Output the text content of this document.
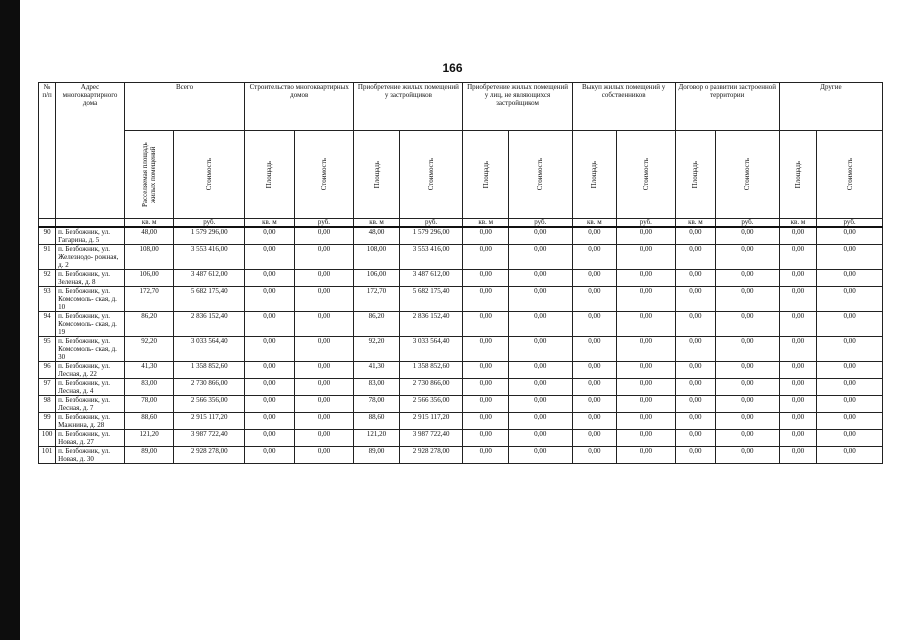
166
№ п/п	Адрес многоквартирного дома	Всего		Строительство многоквартирных домов		Приобретение жилых помещений у застройщиков		Приобретение жилых помещений у лиц, не являющихся застройщиком		Выкуп жилых помещений у собственников		Договор о развитии застроенной территории		Другие	

		Расселяемая площадь жилых помещений	Стоимость	Площадь	Стоимость	Площадь	Стоимость	Площадь	Стоимость	Площадь	Стоимость	Площадь	Стоимость	Площадь	Стоимость

		кв. м	руб.	кв. м	руб.	кв. м	руб.	кв. м	руб.	кв. м	руб.	кв. м	руб.	кв. м	руб.
90	п. Безбожник, ул. Гагарина, д. 5	48,00	1 579 296,00	0,00	0,00	48,00	1 579 296,00	0,00	0,00	0,00	0,00	0,00	0,00	0,00	0,00
91	п. Безбожник, ул. Железнодо- рожная, д. 2	108,00	3 553 416,00	0,00	0,00	108,00	3 553 416,00	0,00	0,00	0,00	0,00	0,00	0,00	0,00	0,00
92	п. Безбожник, ул. Зеленая, д. 8	106,00	3 487 612,00	0,00	0,00	106,00	3 487 612,00	0,00	0,00	0,00	0,00	0,00	0,00	0,00	0,00
93	п. Безбожник, ул. Комсомоль- ская, д. 10	172,70	5 682 175,40	0,00	0,00	172,70	5 682 175,40	0,00	0,00	0,00	0,00	0,00	0,00	0,00	0,00
94	п. Безбожник, ул. Комсомоль- ская, д. 19	86,20	2 836 152,40	0,00	0,00	86,20	2 836 152,40	0,00	0,00	0,00	0,00	0,00	0,00	0,00	0,00
95	п. Безбожник, ул. Комсомоль- ская, д. 30	92,20	3 033 564,40	0,00	0,00	92,20	3 033 564,40	0,00	0,00	0,00	0,00	0,00	0,00	0,00	0,00
96	п. Безбожник, ул. Лесная, д. 22	41,30	1 358 852,60	0,00	0,00	41,30	1 358 852,60	0,00	0,00	0,00	0,00	0,00	0,00	0,00	0,00
97	п. Безбожник, ул. Лесная, д. 4	83,00	2 730 866,00	0,00	0,00	83,00	2 730 866,00	0,00	0,00	0,00	0,00	0,00	0,00	0,00	0,00
98	п. Безбожник, ул. Лесная, д. 7	78,00	2 566 356,00	0,00	0,00	78,00	2 566 356,00	0,00	0,00	0,00	0,00	0,00	0,00	0,00	0,00
99	п. Безбожник, ул. Мажнина, д. 28	88,60	2 915 117,20	0,00	0,00	88,60	2 915 117,20	0,00	0,00	0,00	0,00	0,00	0,00	0,00	0,00
100	п. Безбожник, ул. Новая, д. 27	121,20	3 987 722,40	0,00	0,00	121,20	3 987 722,40	0,00	0,00	0,00	0,00	0,00	0,00	0,00	0,00
101	п. Безбожник, ул. Новая, д. 30	89,00	2 928 278,00	0,00	0,00	89,00	2 928 278,00	0,00	0,00	0,00	0,00	0,00	0,00	0,00	0,00
